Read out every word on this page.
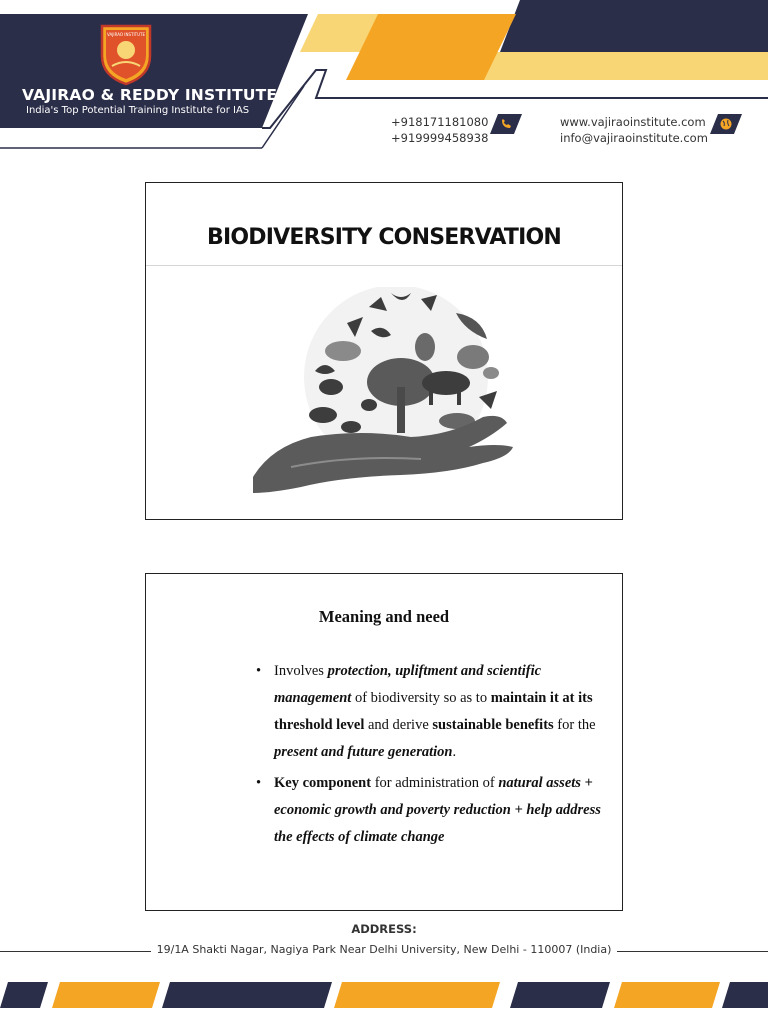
VAJIRAO INSTITUTE
VAJIRAO & REDDY INSTITUTE
India's Top Potential Training Institute for IAS
+918171181080
+919999458938
www.vajiraoinstitute.com
info@vajiraoinstitute.com
BIODIVERSITY CONSERVATION
Meaning and need
• Involves protection, upliftment and scientific management of biodiversity so as to maintain it at its threshold level and derive sustainable benefits for the present and future generation.
• Key component for administration of natural assets + economic growth and poverty reduction + help address the effects of climate change
ADDRESS:
19/1A Shakti Nagar, Nagiya Park Near Delhi University, New Delhi - 110007 (India)
